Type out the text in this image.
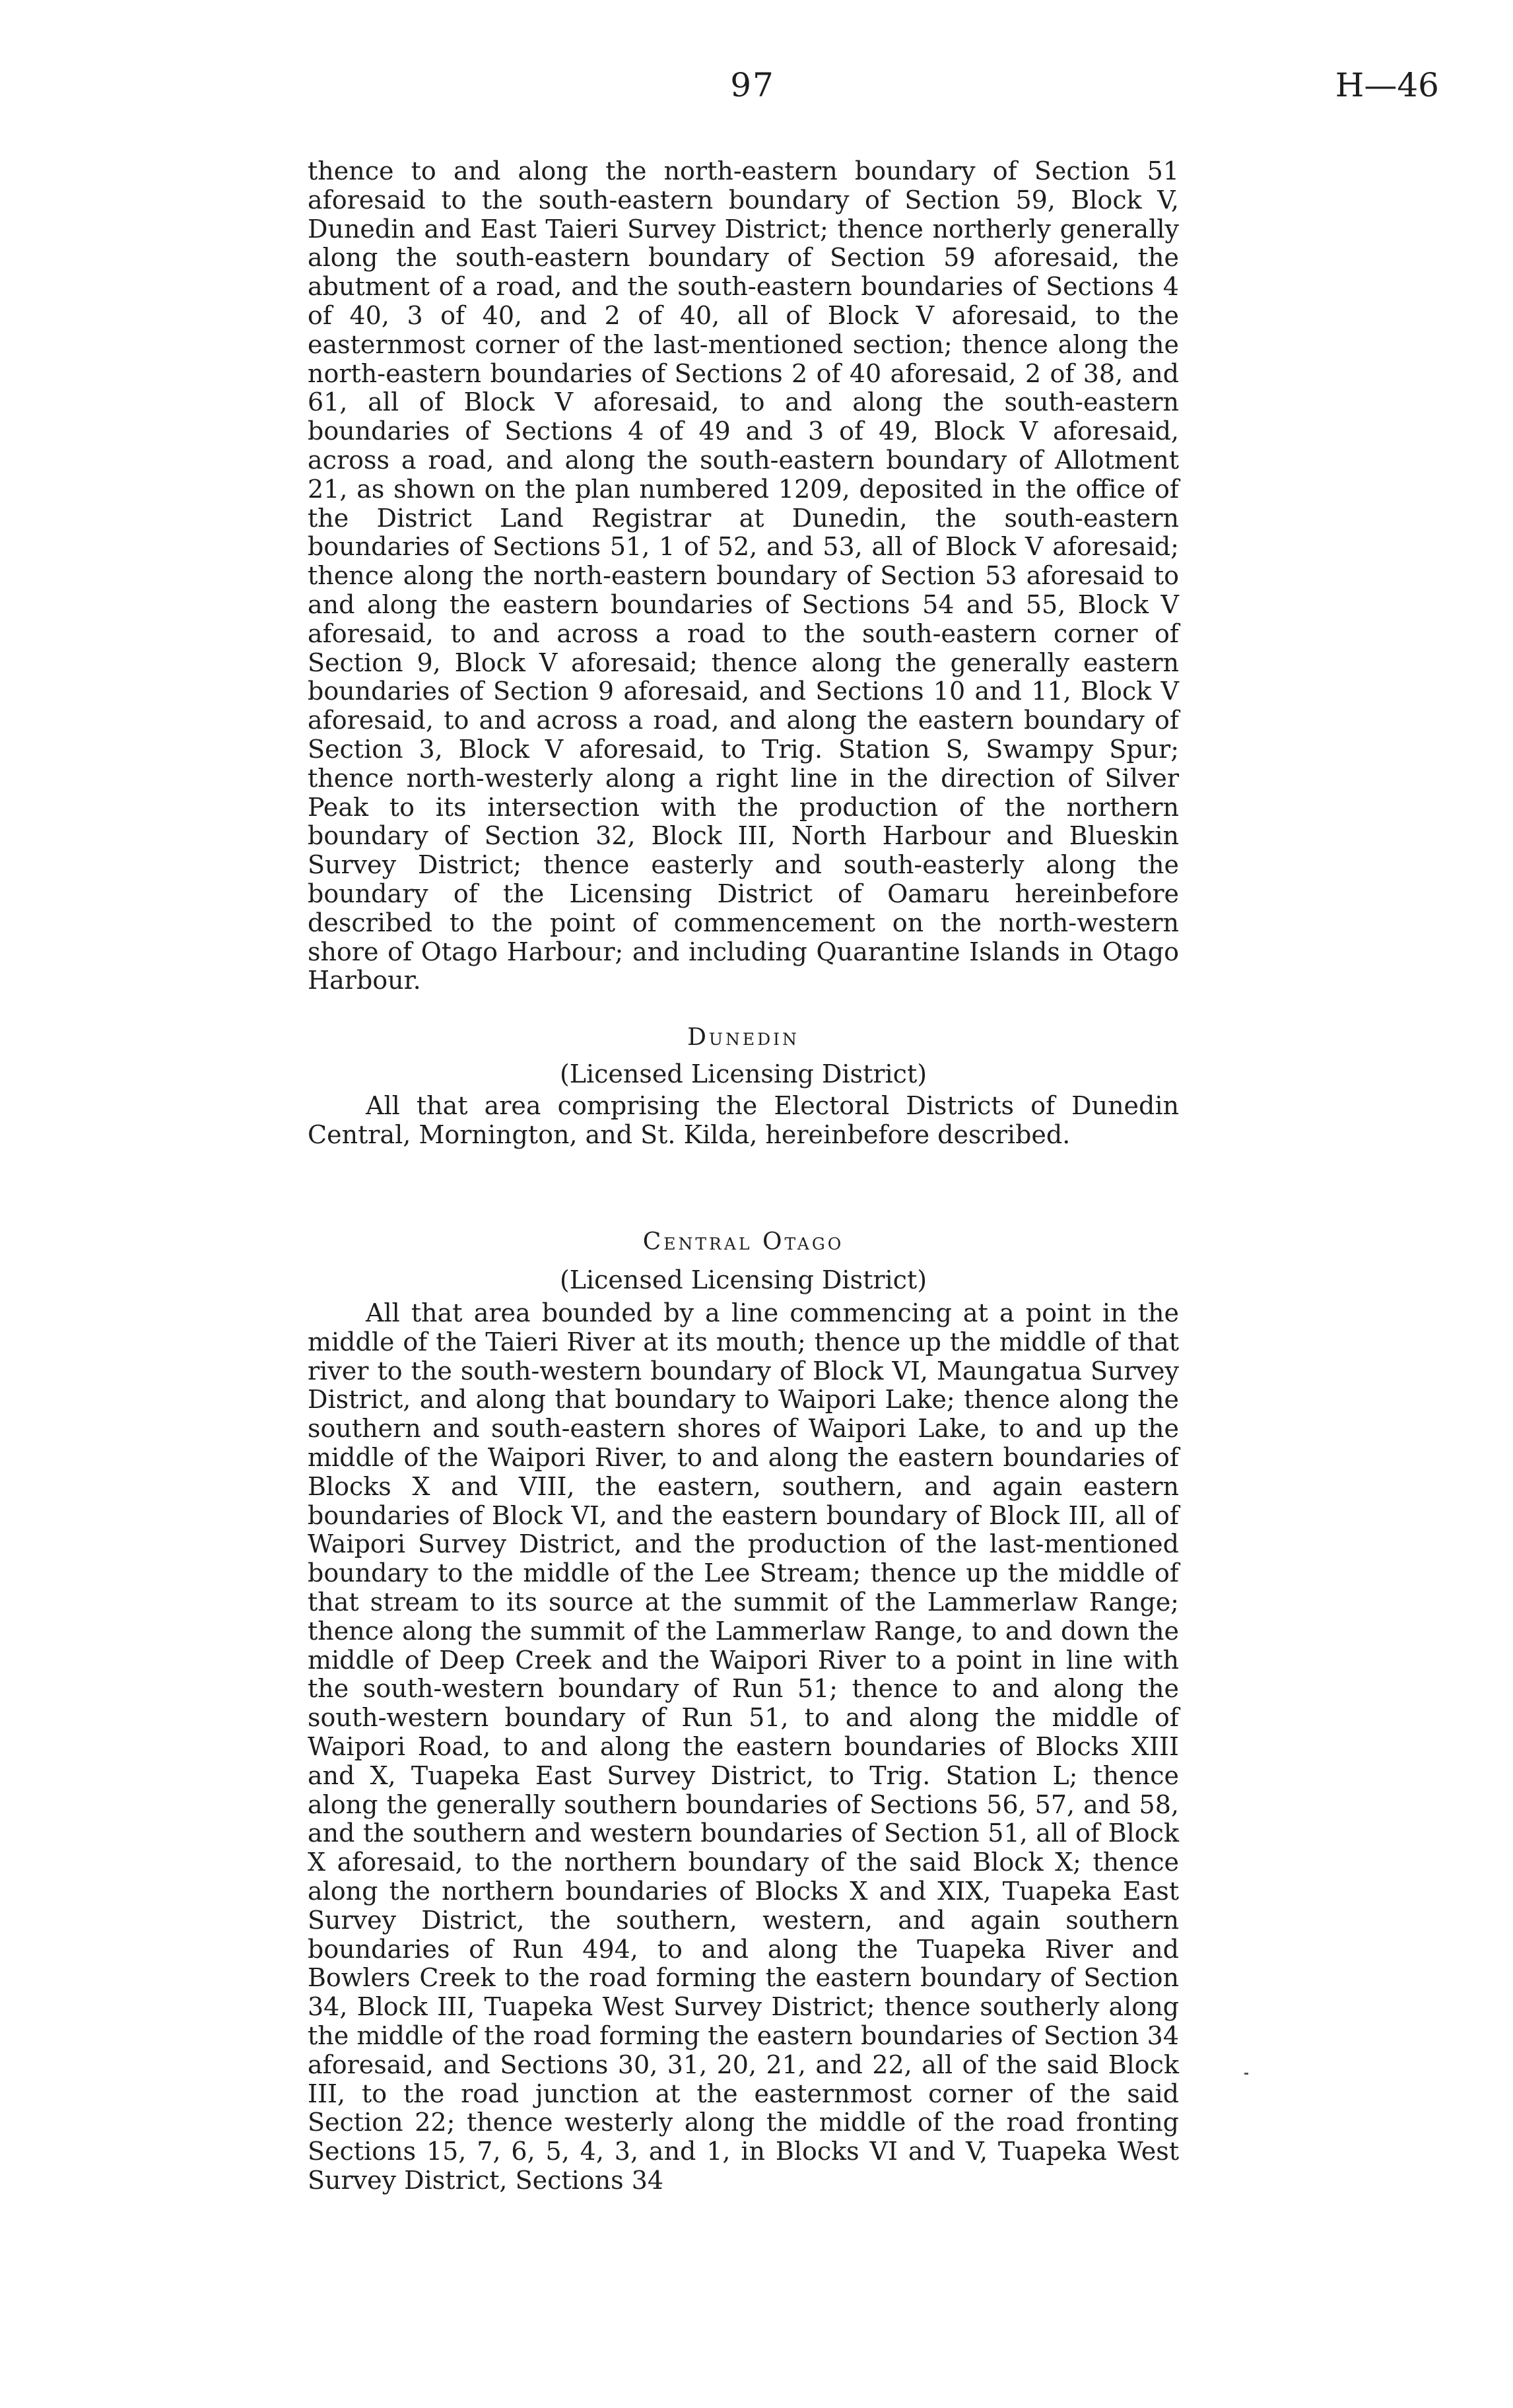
97	H—46

thence to and along the north-eastern boundary of Section 51 aforesaid to the south-eastern boundary of Section 59, Block V, Dunedin and East Taieri Survey District; thence northerly generally along the south-eastern boundary of Section 59 aforesaid, the abutment of a road, and the south-eastern boundaries of Sections 4 of 40, 3 of 40, and 2 of 40, all of Block V aforesaid, to the easternmost corner of the last-mentioned section; thence along the north-eastern boundaries of Sections 2 of 40 aforesaid, 2 of 38, and 61, all of Block V aforesaid, to and along the south-eastern boundaries of Sections 4 of 49 and 3 of 49, Block V aforesaid, across a road, and along the south-eastern boundary of Allotment 21, as shown on the plan numbered 1209, deposited in the office of the District Land Registrar at Dunedin, the south-eastern boundaries of Sections 51, 1 of 52, and 53, all of Block V aforesaid; thence along the north-eastern boundary of Section 53 aforesaid to and along the eastern boundaries of Sections 54 and 55, Block V aforesaid, to and across a road to the south-eastern corner of Section 9, Block V aforesaid; thence along the generally eastern boundaries of Section 9 aforesaid, and Sections 10 and 11, Block V aforesaid, to and across a road, and along the eastern boundary of Section 3, Block V aforesaid, to Trig. Station S, Swampy Spur; thence north-westerly along a right line in the direction of Silver Peak to its intersection with the production of the northern boundary of Section 32, Block III, North Harbour and Blueskin Survey District; thence easterly and south-easterly along the boundary of the Licensing District of Oamaru hereinbefore described to the point of commencement on the north-western shore of Otago Harbour; and including Quarantine Islands in Otago Harbour.

Dunedin

(Licensed Licensing District)

All that area comprising the Electoral Districts of Dunedin Central, Mornington, and St. Kilda, hereinbefore described.

Central Otago

(Licensed Licensing District)

All that area bounded by a line commencing at a point in the middle of the Taieri River at its mouth; thence up the middle of that river to the south-western boundary of Block VI, Maungatua Survey District, and along that boundary to Waipori Lake; thence along the southern and south-eastern shores of Waipori Lake, to and up the middle of the Waipori River, to and along the eastern boundaries of Blocks X and VIII, the eastern, southern, and again eastern boundaries of Block VI, and the eastern boundary of Block III, all of Waipori Survey District, and the production of the last-mentioned boundary to the middle of the Lee Stream; thence up the middle of that stream to its source at the summit of the Lammerlaw Range; thence along the summit of the Lammerlaw Range, to and down the middle of Deep Creek and the Waipori River to a point in line with the south-western boundary of Run 51; thence to and along the south-western boundary of Run 51, to and along the middle of Waipori Road, to and along the eastern boundaries of Blocks XIII and X, Tuapeka East Survey District, to Trig. Station L; thence along the generally southern boundaries of Sections 56, 57, and 58, and the southern and western boundaries of Section 51, all of Block X aforesaid, to the northern boundary of the said Block X; thence along the northern boundaries of Blocks X and XIX, Tuapeka East Survey District, the southern, western, and again southern boundaries of Run 494, to and along the Tuapeka River and Bowlers Creek to the road forming the eastern boundary of Section 34, Block III, Tuapeka West Survey District; thence southerly along the middle of the road forming the eastern boundaries of Section 34 aforesaid, and Sections 30, 31, 20, 21, and 22, all of the said Block III, to the road junction at the easternmost corner of the said Section 22; thence westerly along the middle of the road fronting Sections 15, 7, 6, 5, 4, 3, and 1, in Blocks VI and V, Tuapeka West Survey District, Sections 34
